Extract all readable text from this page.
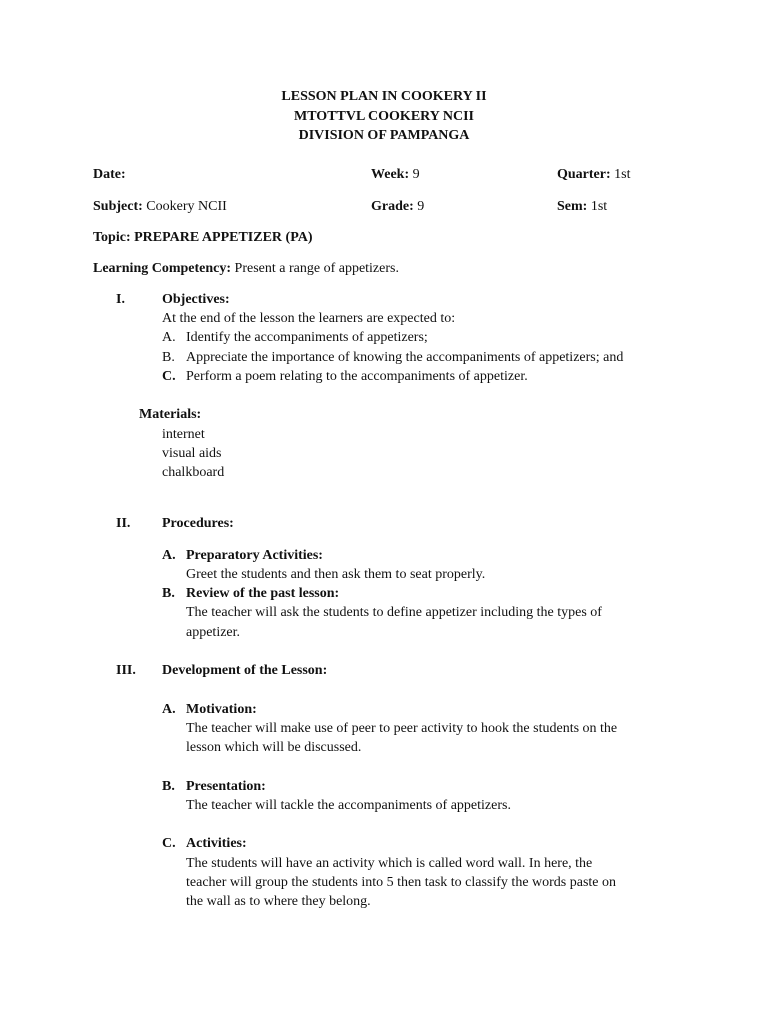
LESSON PLAN IN COOKERY II
MTOTTVL COOKERY NCII
DIVISION OF PAMPANGA
Date:	Week: 9	Quarter: 1st
Subject: Cookery NCII	Grade: 9	Sem: 1st
Topic: PREPARE APPETIZER (PA)
Learning Competency: Present a range of appetizers.
I.	Objectives:
At the end of the lesson the learners are expected to:
A. Identify the accompaniments of appetizers;
B. Appreciate the importance of knowing the accompaniments of appetizers; and
C. Perform a poem relating to the accompaniments of appetizer.
Materials:
internet
visual aids
chalkboard
II. Procedures:
A. Preparatory Activities:
Greet the students and then ask them to seat properly.
B. Review of the past lesson:
The teacher will ask the students to define appetizer including the types of
appetizer.
III. Development of the Lesson:
A. Motivation:
The teacher will make use of peer to peer activity to hook the students on the
lesson which will be discussed.
B. Presentation:
The teacher will tackle the accompaniments of appetizers.
C. Activities:
The students will have an activity which is called word wall. In here, the
teacher will group the students into 5 then task to classify the words paste on
the wall as to where they belong.
